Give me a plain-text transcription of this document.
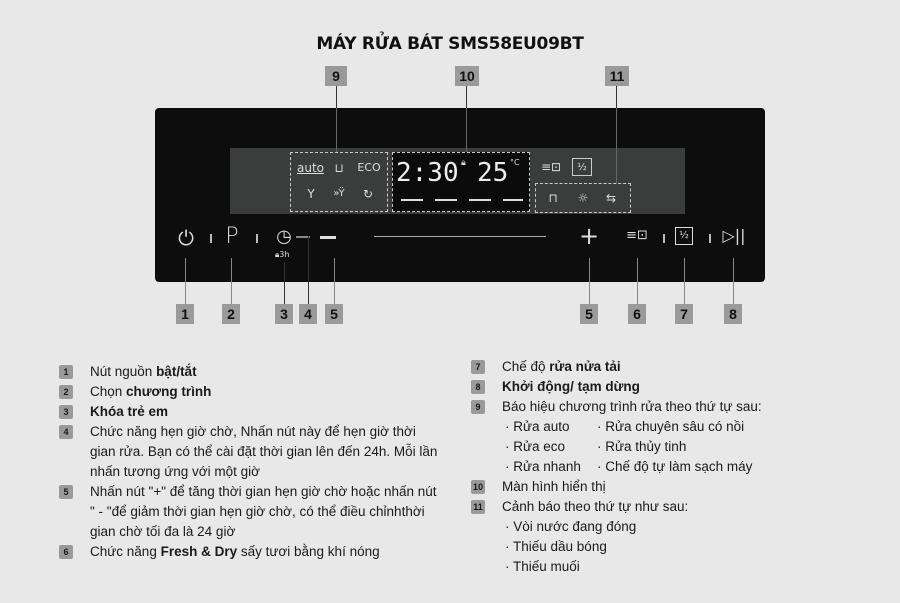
MÁY RỬA BÁT SMS58EU09BT
9	10	11
auto ⊔	ECO
Y	»Ÿ	↻
2:30 🔒︎ 25 °C ≡⊡	½
⊓	☼	⇆
⏻ P ◷
🔒︎3h
+ ≡⊡	½ ▷||
1	2	3	4	5	5	6	7	8
1	Nút nguồn bật/tắt
2	Chọn chương trình
3	Khóa trẻ em
4	Chức năng hẹn giờ chờ, Nhấn nút này để hẹn giờ thời gian rửa. Bạn có thể cài đặt thời gian lên đến 24h. Mỗi lần nhấn tương ứng với một giờ
5	Nhấn nút "+" để tăng thời gian hẹn giờ chờ hoặc nhấn nút " - "để giảm thời gian hẹn giờ chờ, có thể điều chỉnhthời gian chờ tối đa là 24 giờ
6	Chức năng Fresh & Dry sấy tươi bằng khí nóng
7	Chế độ rửa nửa tải
8	Khởi động/ tạm dừng
9	Báo hiệu chương trình rửa theo thứ tự sau:
· Rửa auto	· Rửa chuyên sâu có nồi
· Rửa eco	· Rửa thủy tinh
· Rửa nhanh	· Chế độ tự làm sạch máy
10 Màn hình hiển thị
11 Cảnh báo theo thứ tự như sau:
· Vòi nước đang đóng
· Thiếu dầu bóng
· Thiếu muối
